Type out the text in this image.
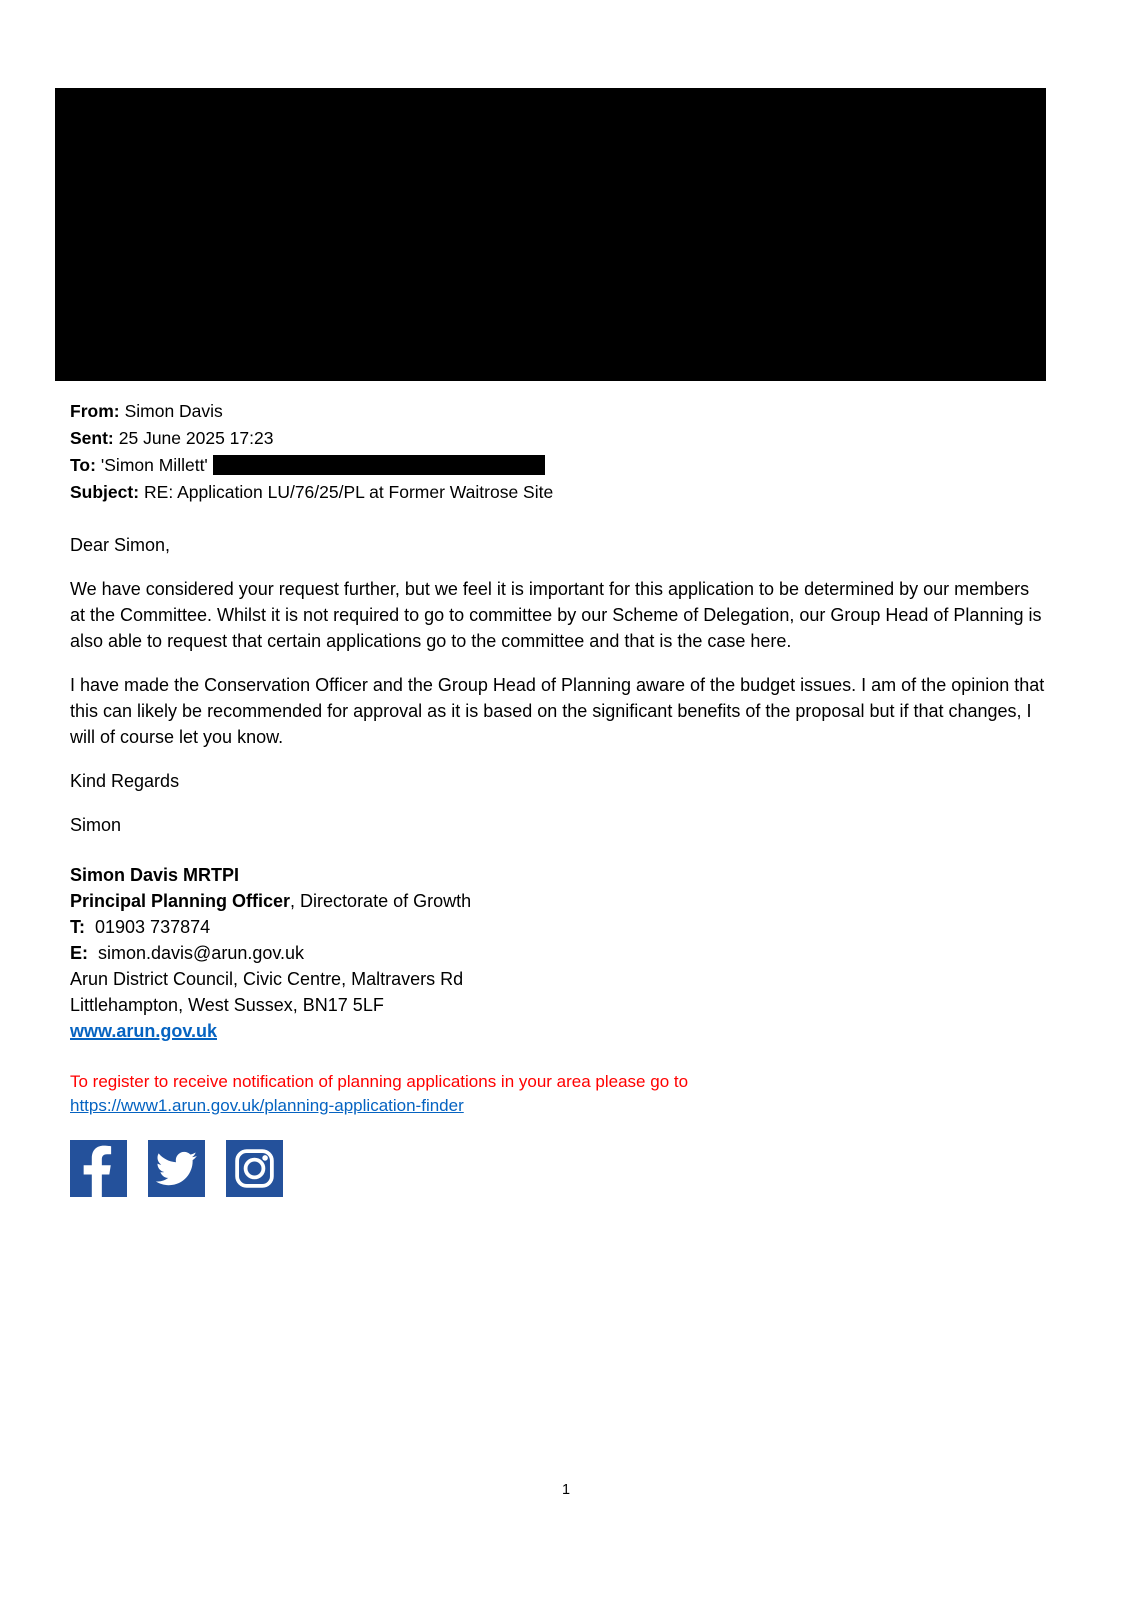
From: Simon Davis
Sent: 25 June 2025 17:23
To: 'Simon Millett'
Subject: RE: Application LU/76/25/PL at Former Waitrose Site

Dear Simon,

We have considered your request further, but we feel it is important for this application to be determined by our members at the Committee. Whilst it is not required to go to committee by our Scheme of Delegation, our Group Head of Planning is also able to request that certain applications go to the committee and that is the case here.

I have made the Conservation Officer and the Group Head of Planning aware of the budget issues. I am of the opinion that this can likely be recommended for approval as it is based on the significant benefits of the proposal but if that changes, I will of course let you know.

Kind Regards

Simon

Simon Davis MRTPI
Principal Planning Officer, Directorate of Growth
T: 01903 737874
E: simon.davis@arun.gov.uk
Arun District Council, Civic Centre, Maltravers Rd
Littlehampton, West Sussex, BN17 5LF
www.arun.gov.uk
To register to receive notification of planning applications in your area please go to
https://www1.arun.gov.uk/planning-application-finder
1
